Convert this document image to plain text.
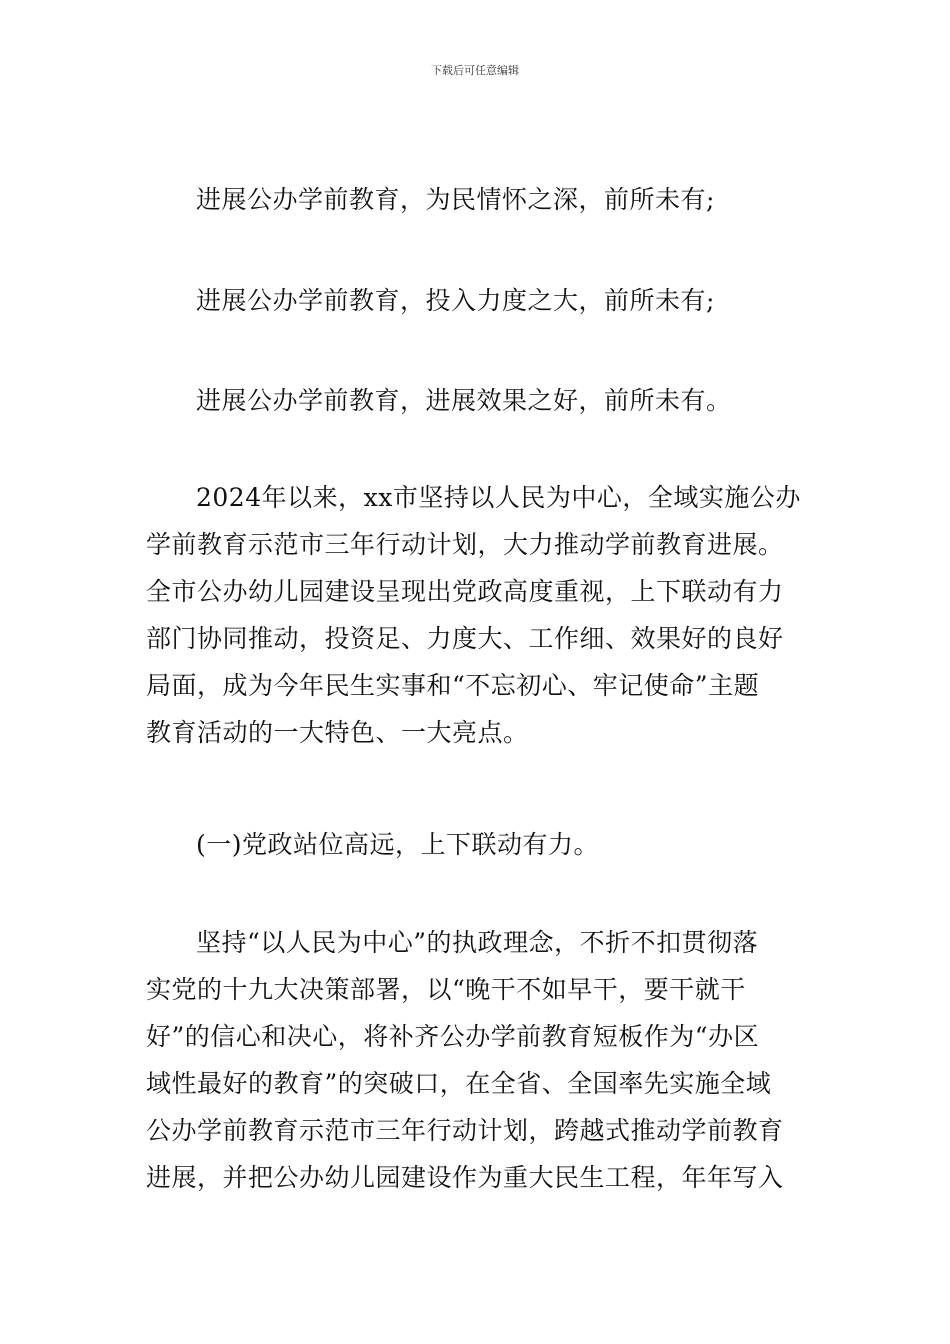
下载后可任意编辑

进展公办学前教育，为民情怀之深，前所未有;

进展公办学前教育，投入力度之大，前所未有;

进展公办学前教育，进展效果之好，前所未有。

2024年以来，xx市坚持以人民为中心，全域实施公办
学前教育示范市三年行动计划，大力推动学前教育进展。
全市公办幼儿园建设呈现出党政高度重视，上下联动有力
部门协同推动，投资足、力度大、工作细、效果好的良好
局面，成为今年民生实事和“不忘初心、牢记使命”主题
教育活动的一大特色、一大亮点。

(一)党政站位高远，上下联动有力。

坚持“以人民为中心”的执政理念，不折不扣贯彻落
实党的十九大决策部署，以“晚干不如早干，要干就干
好”的信心和决心，将补齐公办学前教育短板作为“办区
域性最好的教育”的突破口，在全省、全国率先实施全域
公办学前教育示范市三年行动计划，跨越式推动学前教育
进展，并把公办幼儿园建设作为重大民生工程，年年写入
